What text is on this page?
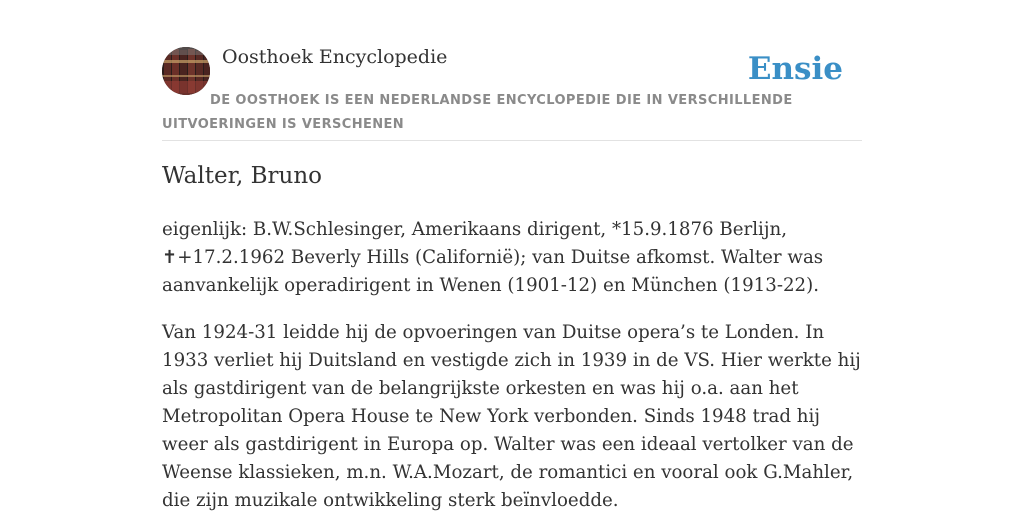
Oosthoek Encyclopedie	Ensie
DE OOSTHOEK IS EEN NEDERLANDSE ENCYCLOPEDIE DIE IN VERSCHILLENDE UITVOERINGEN IS VERSCHENEN
Walter, Bruno

eigenlijk: B.W.Schlesinger, Amerikaans dirigent, *15.9.1876 Berlijn, ✝+17.2.1962 Beverly Hills (Californië); van Duitse afkomst. Walter was aanvankelijk operadirigent in Wenen (1901-12) en München (1913-22).

Van 1924-31 leidde hij de opvoeringen van Duitse opera’s te Londen. In 1933 verliet hij Duitsland en vestigde zich in 1939 in de VS. Hier werkte hij als gastdirigent van de belangrijkste orkesten en was hij o.a. aan het Metropolitan Opera House te New York verbonden. Sinds 1948 trad hij weer als gastdirigent in Europa op. Walter was een ideaal vertolker van de Weense klassieken, m.n. W.A.Mozart, de romantici en vooral ook G.Mahler, die zijn muzikale ontwikkeling sterk beïnvloedde.
